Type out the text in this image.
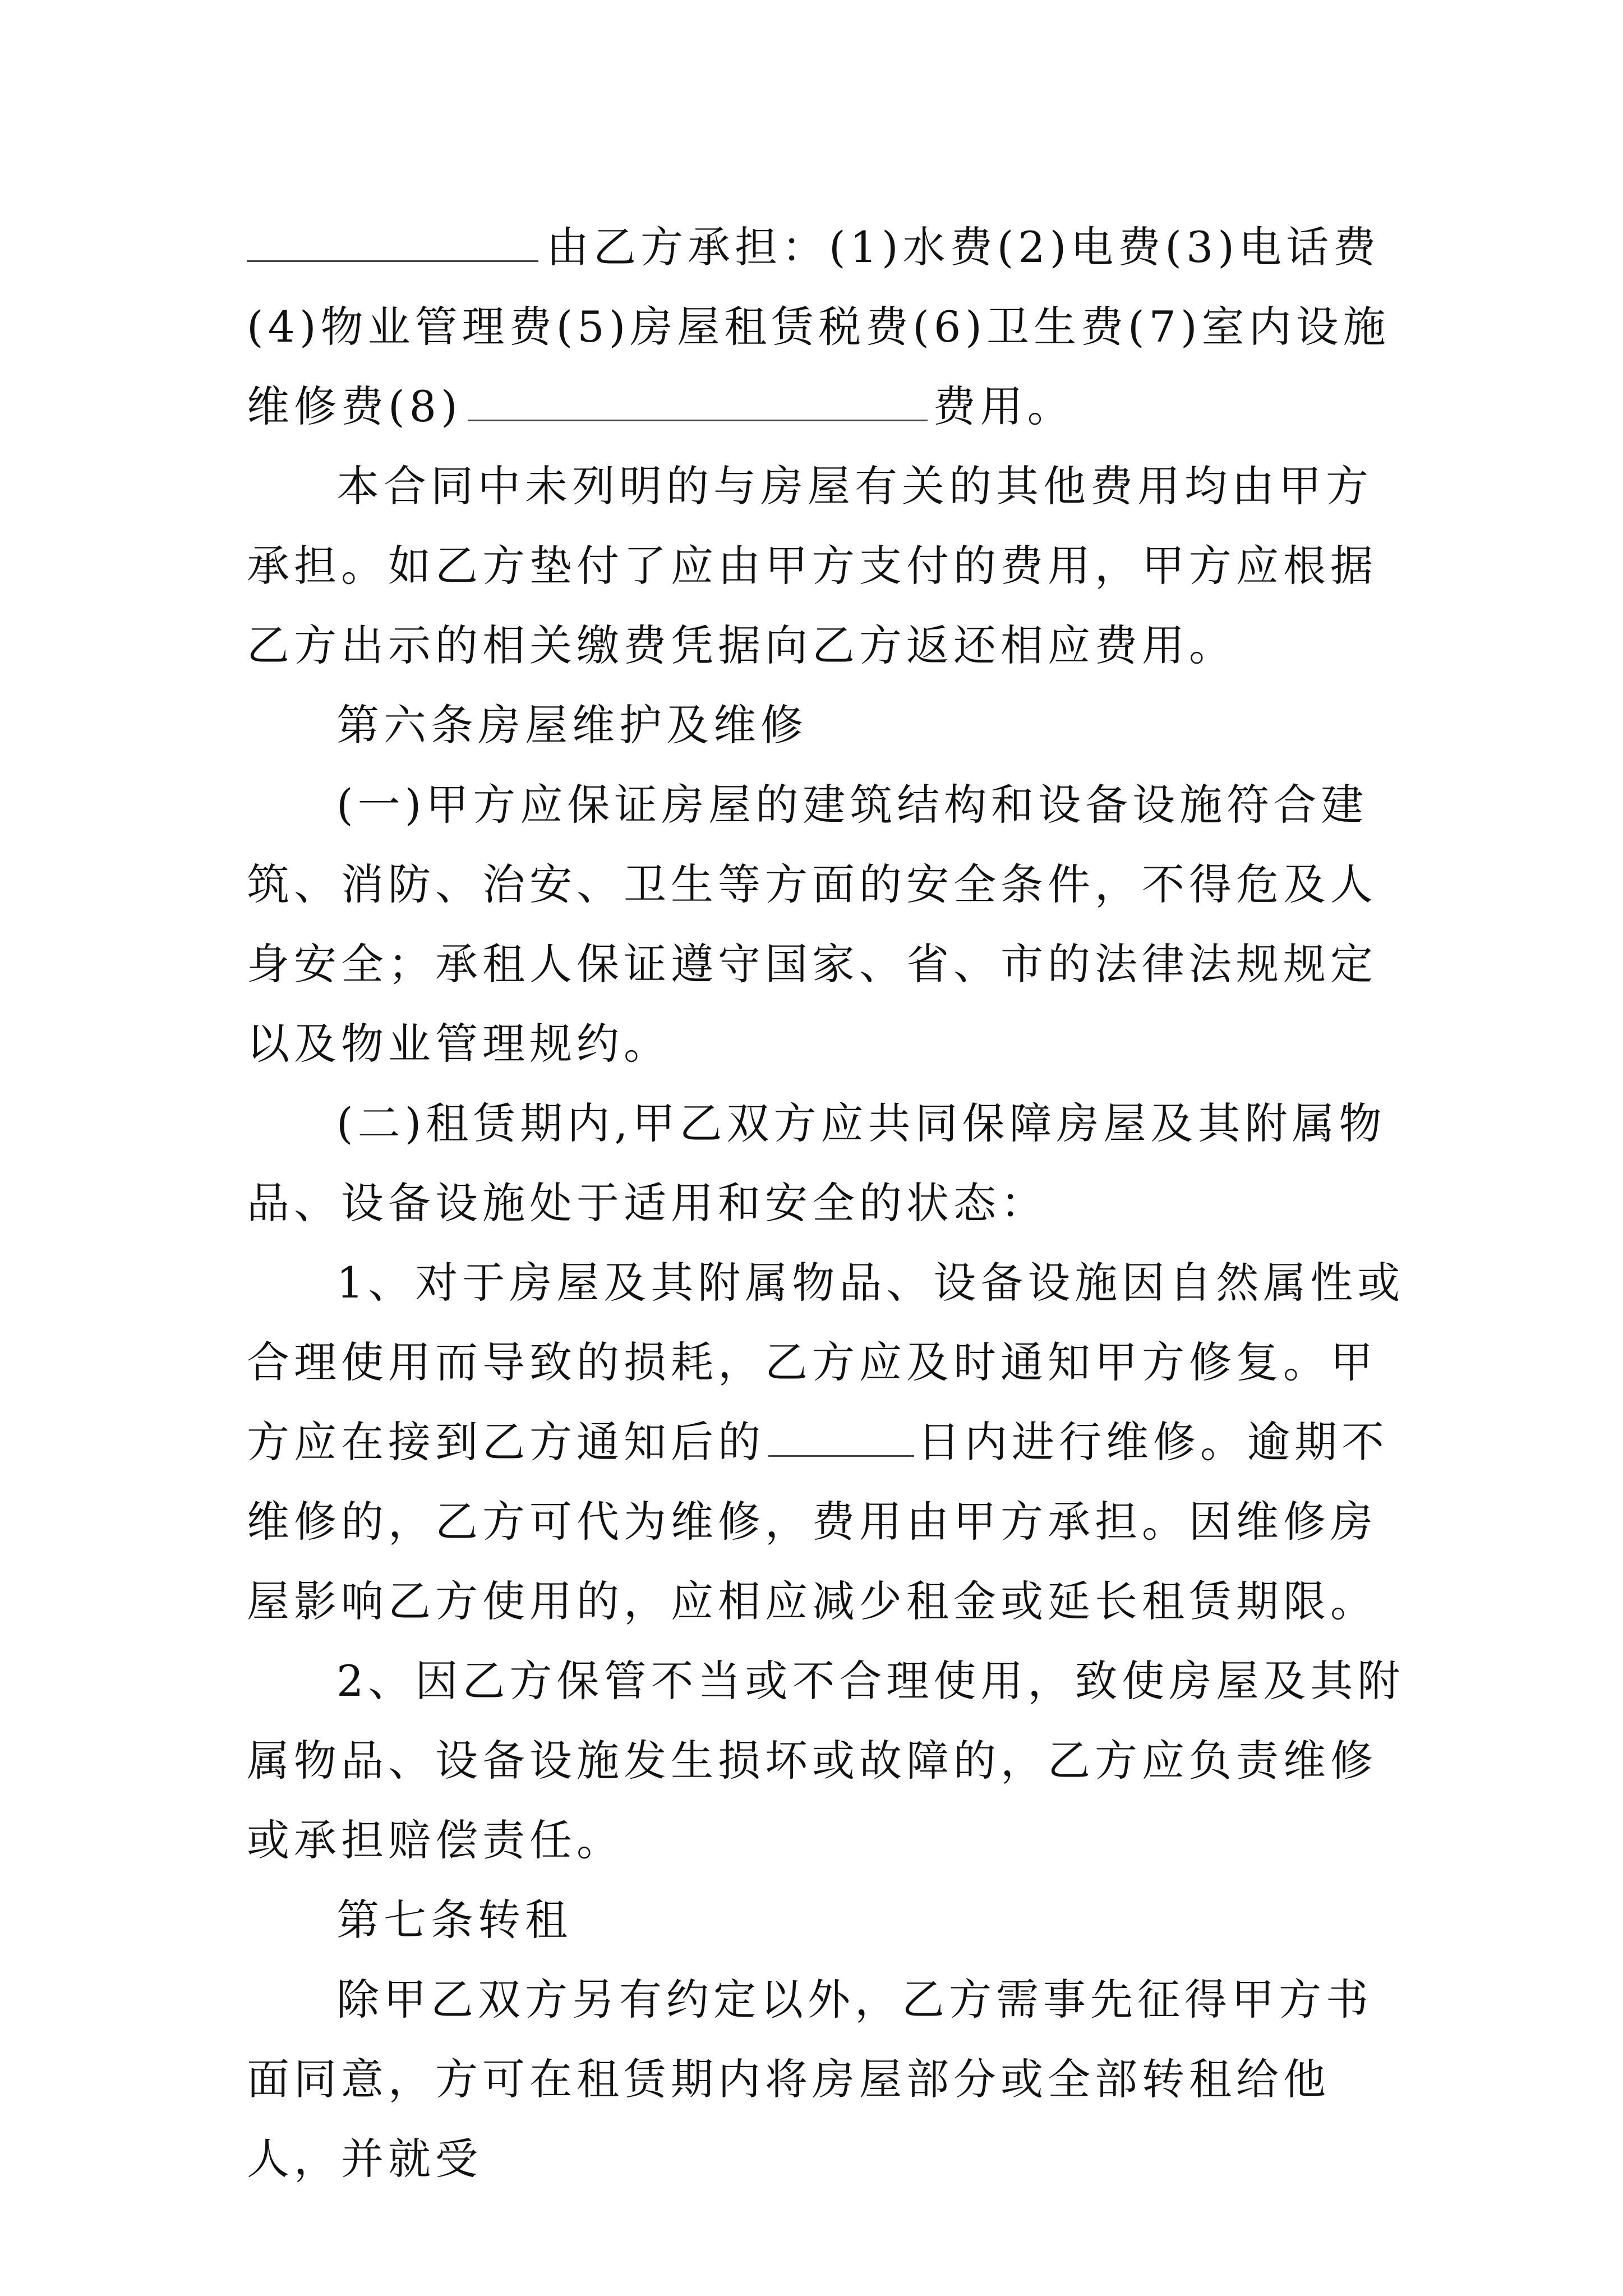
由乙方承担：(1)水费(2)电费(3)电话费(4)物业管理费(5)房屋租赁税费(6)卫生费(7)室内设施维修费(8)	费用。

本合同中未列明的与房屋有关的其他费用均由甲方承担。如乙方垫付了应由甲方支付的费用，甲方应根据乙方出示的相关缴费凭据向乙方返还相应费用。

第六条房屋维护及维修

(一)甲方应保证房屋的建筑结构和设备设施符合建筑、消防、治安、卫生等方面的安全条件，不得危及人身安全；承租人保证遵守国家、省、市的法律法规规定以及物业管理规约。

(二)租赁期内,甲乙双方应共同保障房屋及其附属物品、设备设施处于适用和安全的状态：

1、对于房屋及其附属物品、设备设施因自然属性或合理使用而导致的损耗，乙方应及时通知甲方修复。甲方应在接到乙方通知后的	日内进行维修。逾期不维修的，乙方可代为维修，费用由甲方承担。因维修房屋影响乙方使用的，应相应减少租金或延长租赁期限。

2、因乙方保管不当或不合理使用，致使房屋及其附属物品、设备设施发生损坏或故障的，乙方应负责维修或承担赔偿责任。

第七条转租

除甲乙双方另有约定以外，乙方需事先征得甲方书面同意，方可在租赁期内将房屋部分或全部转租给他人，并就受
